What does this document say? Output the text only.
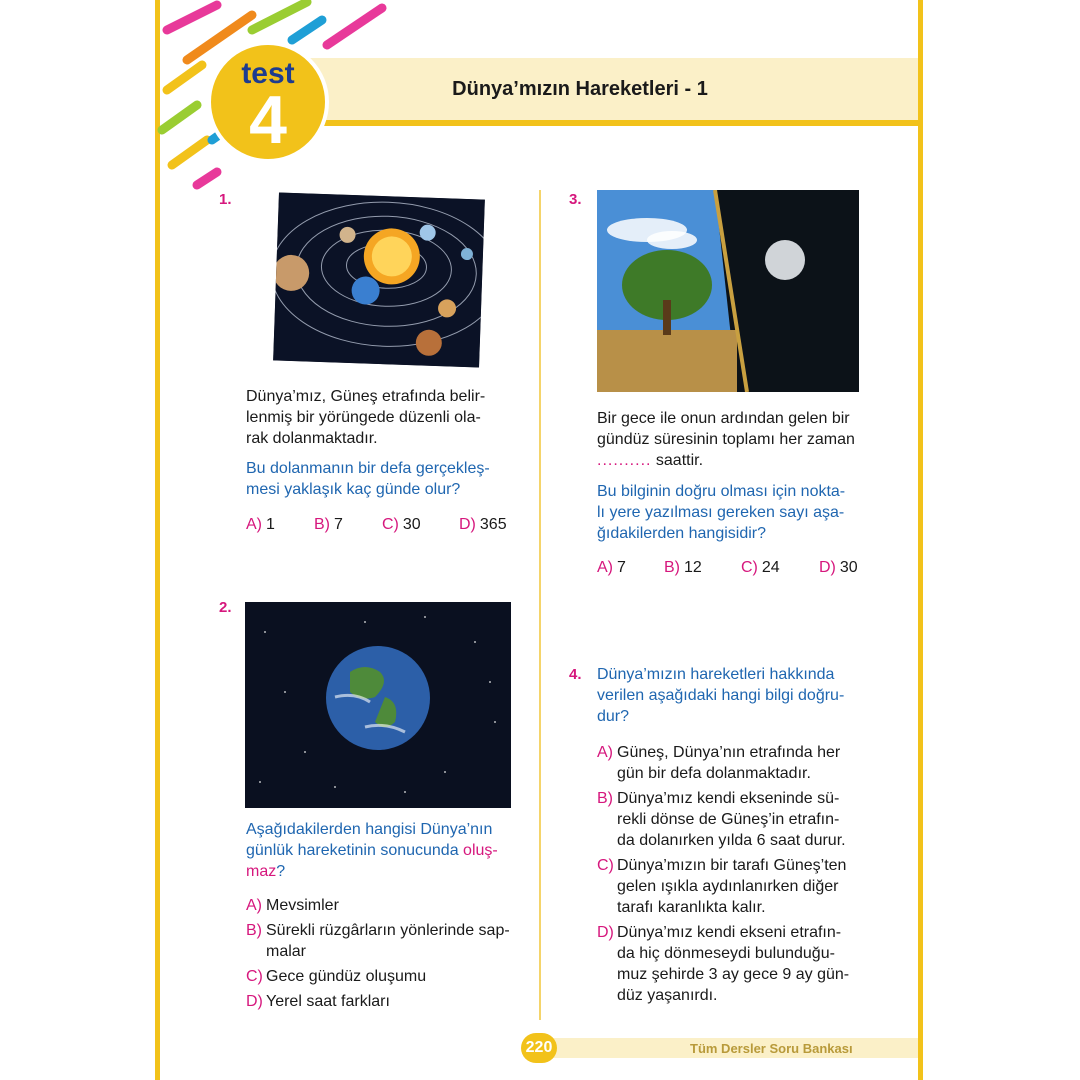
Dünya’mızın Hareketleri - 1
test
4
1.
Dünya’mız, Güneş etrafında belir-
lenmiş bir yörüngede düzenli ola-
rak dolanmaktadır.
Bu dolanmanın bir defa gerçekleş-
mesi yaklaşık kaç günde olur?
A) 1 B) 7 C) 30 D) 365
2.
Aşağıdakilerden hangisi Dünya’nın
günlük hareketinin sonucunda oluş-
maz?
A) Mevsimler
B) Sürekli rüzgârların yönlerinde sap-
malar
C) Gece gündüz oluşumu
D) Yerel saat farkları
3.
Bir gece ile onun ardından gelen bir
gündüz süresinin toplamı her zaman
.......... saattir.
Bu bilginin doğru olması için nokta-
lı yere yazılması gereken sayı aşa-
ğıdakilerden hangisidir?
A) 7 B) 12 C) 24 D) 30
4. Dünya’mızın hareketleri hakkında
verilen aşağıdaki hangi bilgi doğru-
dur?
A) Güneş, Dünya’nın etrafında her
gün bir defa dolanmaktadır.
B) Dünya’mız kendi ekseninde sü-
rekli dönse de Güneş’in etrafın-
da dolanırken yılda 6 saat durur.
C) Dünya’mızın bir tarafı Güneş’ten
gelen ışıkla aydınlanırken diğer
tarafı karanlıkta kalır.
D) Dünya’mız kendi ekseni etrafın-
da hiç dönmeseydi bulunduğu-
muz şehirde 3 ay gece 9 ay gün-
düz yaşanırdı.
220	Tüm Dersler Soru Bankası
